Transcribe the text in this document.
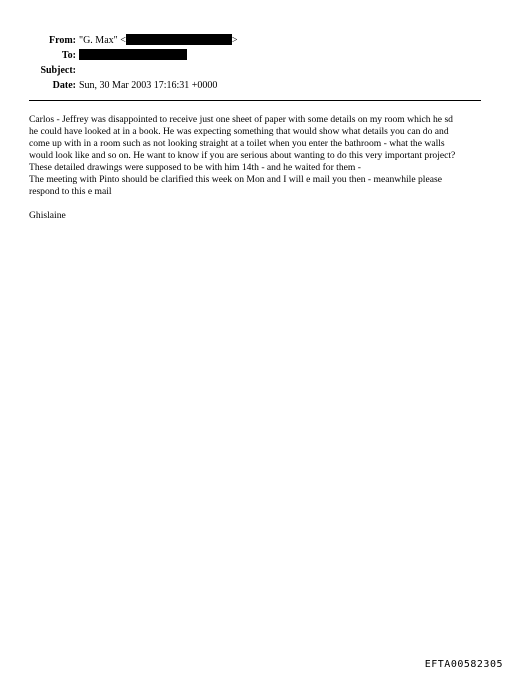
From: "G. Max" <	>
To:
Subject:
Date: Sun, 30 Mar 2003 17:16:31 +0000
Carlos - Jeffrey was disappointed to receive just one sheet of paper with some details on my room which he sd
he could have looked at in a book. He was expecting something that would show what details you can do and
come up with in a room such as not looking straight at a toilet when you enter the bathroom - what the walls
would look like and so on. He want to know if you are serious about wanting to do this very important project?
These detailed drawings were supposed to be with him 14th - and he waited for them -
The meeting with Pinto should be clarified this week on Mon and I will e mail you then - meanwhile please
respond to this e mail
Ghislaine
EFTA00582305
